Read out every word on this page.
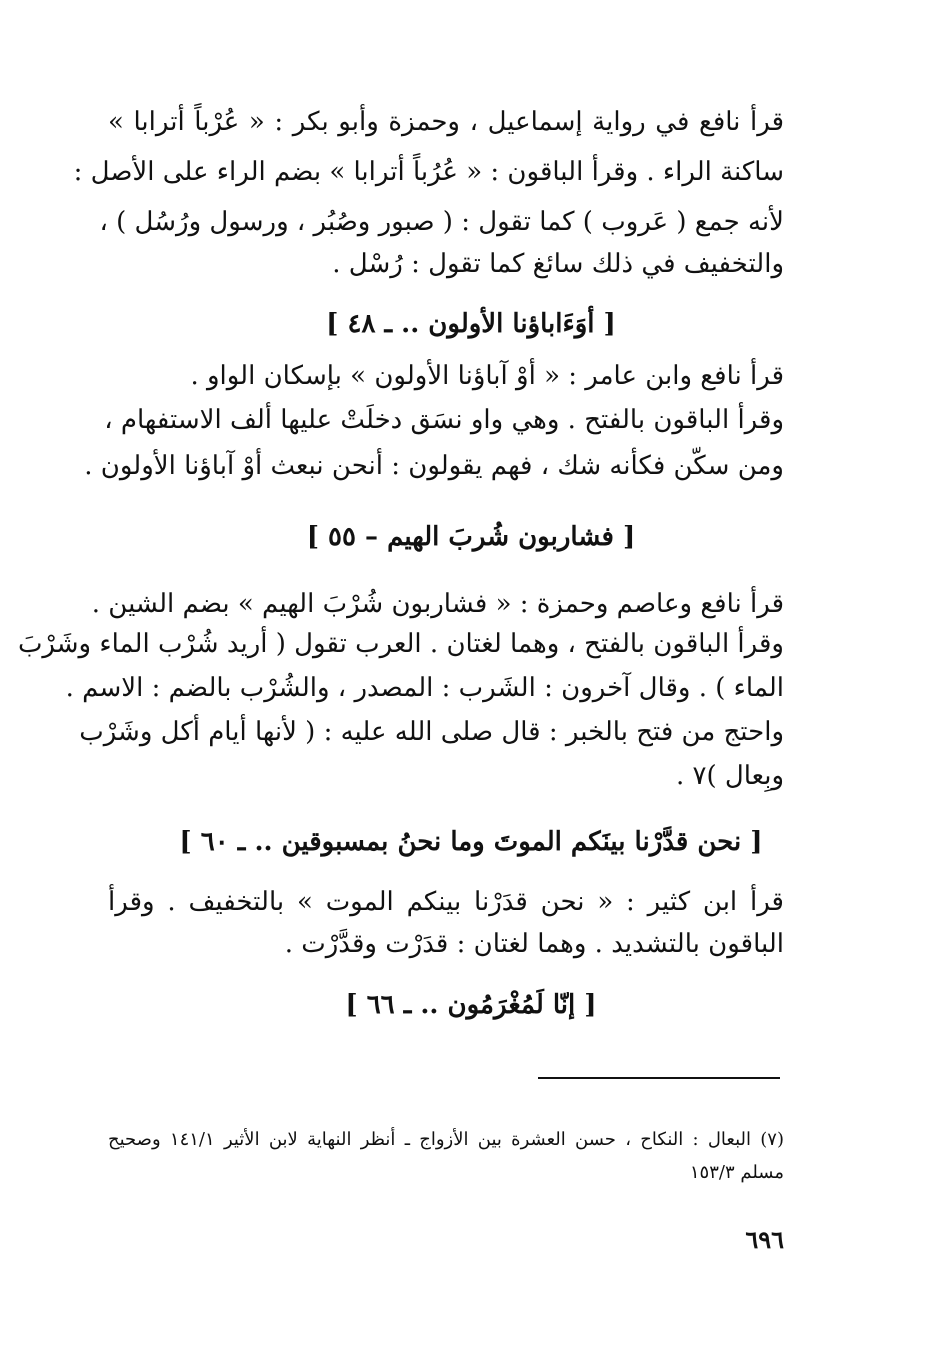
قرأ نافع في رواية إسماعيل ، وحمزة وأبو بكر : « عُرْباً أترابا »
ساكنة الراء . وقرأ الباقون : « عُرُباً أترابا » بضم الراء على الأصل :
لأنه جمع ( عَروب ) كما تقول : ( صبور وصُبُر ، ورسول ورُسُل ) ،
والتخفيف في ذلك سائغ كما تقول : رُسْل .
[ أوَءَاباؤنا الأولون .. ـ ٤٨ ]
قرأ نافع وابن عامر : « أوْ آباؤنا الأولون » بإسكان الواو .
وقرأ الباقون بالفتح . وهي واو نسَق دخلَتْ عليها ألف الاستفهام ،
ومن سكّن فكأنه شك ، فهم يقولون : أنحن نبعث أوْ آباؤنا الأولون .
[ فشاربون شُربَ الهيم – ٥٥ ]
قرأ نافع وعاصم وحمزة : « فشاربون شُرْبَ الهيم » بضم الشين .
وقرأ الباقون بالفتح ، وهما لغتان . العرب تقول ( أريد شُرْب الماء وشَرْبَ
الماء ) . وقال آخرون : الشَرب : المصدر ، والشُرْب بالضم : الاسم .
واحتج من فتح بالخبر : قال صلى الله عليه : ( لأنها أيام أكل وشَرْب
وبِعال )٧ .
[ نحن قدَّرْنا بينَكم الموتَ وما نحنُ بمسبوقين .. ـ ٦٠ ]
قرأ ابن كثير : « نحن قدَرْنا بينكم الموت » بالتخفيف . وقرأ
الباقون بالتشديد . وهما لغتان : قدَرْت وقدَّرْت .
[ إنّا لَمُغْرَمُون .. ـ ٦٦ ]
(٧) البعال : النكاح ، حسن العشرة بين الأزواج ـ أنظر النهاية لابن الأثير ١٤١/١ وصحيح
مسلم ١٥٣/٣
٦٩٦
